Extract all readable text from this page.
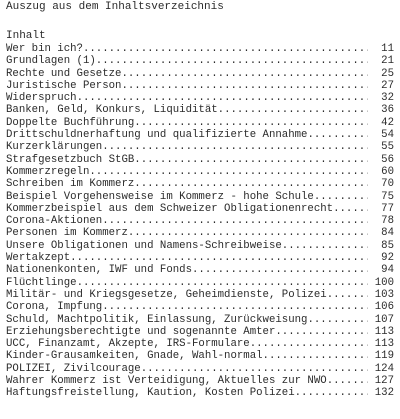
Auszug aus dem Inhaltsverzeichnis
Inhalt
Wer bin ich? .....	11
Grundlagen (1) .....	21
Rechte und Gesetze .....	25
Juristische Person .....	27
Widerspruch .....	32
Banken, Geld, Konkurs, Liquidität .....	36
Doppelte Buchführung .....	42
Drittschuldnerhaftung und qualifizierte Annahme .....	54
Kurzerklärungen .....	55
Strafgesetzbuch StGB .....	56
Kommerzregeln .....	60
Schreiben im Kommerz .....	70
Beispiel Vorgehensweise im Kommerz - hohe Schule .....	75
Kommerzbeispiel aus dem Schweizer Obligationenrecht .....	77
Corona-Aktionen .....	78
Personen im Kommerz .....	84
Unsere Obligationen und Namens-Schreibweise .....	85
Wertakzept .....	92
Nationenkonten, IWF und Fonds .....	94
Flüchtlinge .....	100
Militär- und Kriegsgesetze, Geheimdienste, Polizei .....	103
Corona, Impfung .....	106
Schuld, Machtpolitik, Einlassung, Zurückweisung .....	107
Erziehungsberechtigte und sogenannte Ämter .....	113
UCC, Finanzamt, Akzepte, IRS-Formulare .....	113
Kinder-Grausamkeiten, Gnade, Wahl-normal .....	119
POLIZEI, Zivilcourage .....	124
Wahrer Kommerz ist Verteidigung, Aktuelles zur NWO .....	127
Haftungsfreistellung, Kaution, Kosten Polizei .....	132
